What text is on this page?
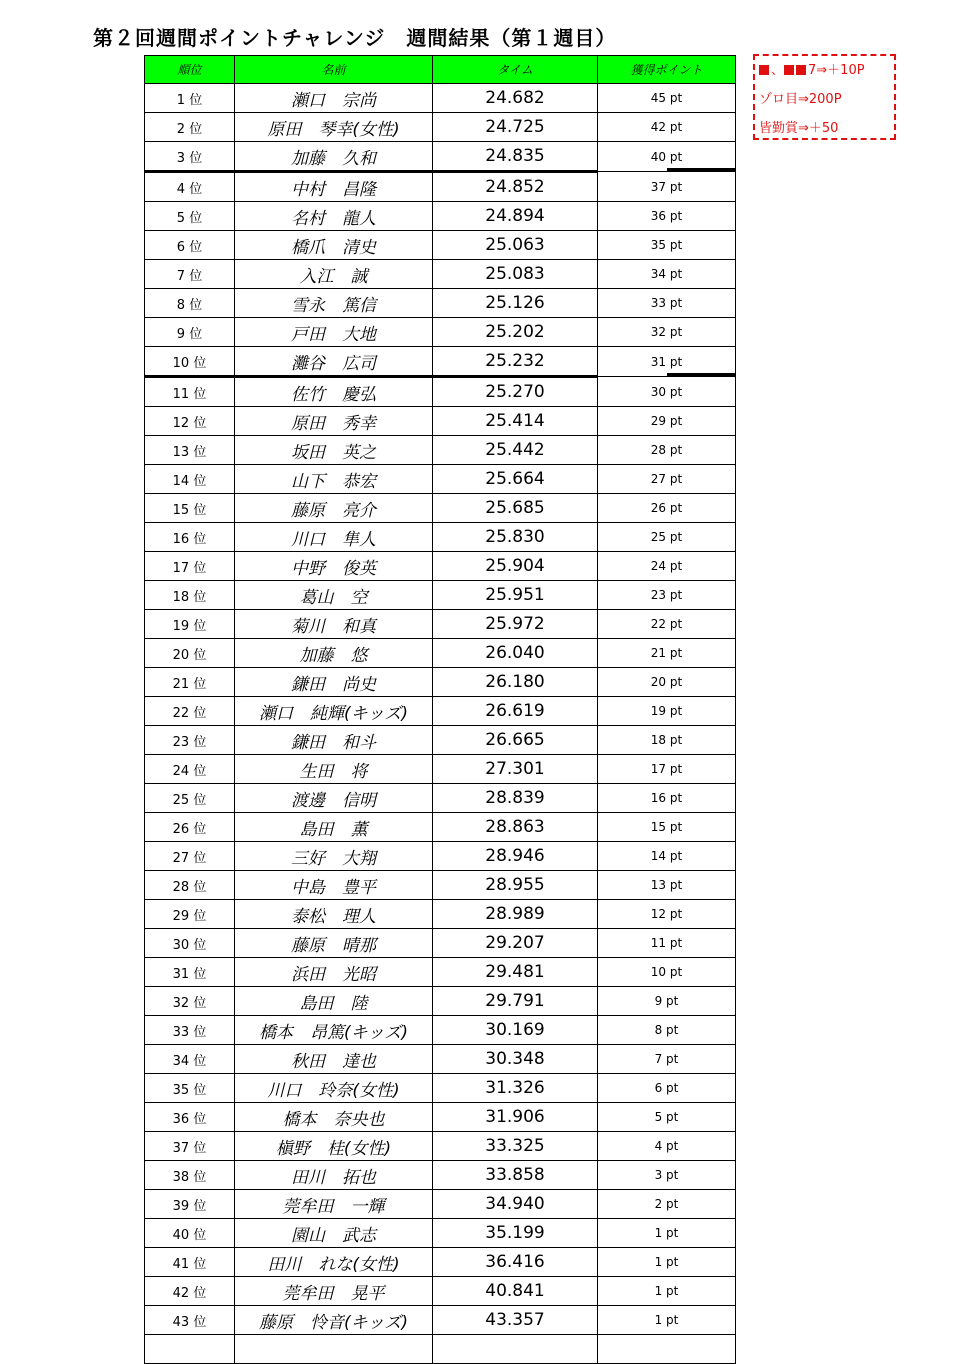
第２回週間ポイントチャレンジ　週間結果（第１週目）
、 7⇒＋10P
ゾロ目⇒200P
皆勤賞⇒＋50
順位	名前	タイム	獲得ポイント
1 位	瀬口　宗尚	24.682	45 pt
2 位	原田　琴幸(女性)	24.725	42 pt
3 位	加藤　久和	24.835	40 pt
4 位	中村　昌隆	24.852	37 pt
5 位	名村　龍人	24.894	36 pt
6 位	橋爪　清史	25.063	35 pt
7 位	入江　誠	25.083	34 pt
8 位	雪永　篤信	25.126	33 pt
9 位	戸田　大地	25.202	32 pt
10 位	灘谷　広司	25.232	31 pt
11 位	佐竹　慶弘	25.270	30 pt
12 位	原田　秀幸	25.414	29 pt
13 位	坂田　英之	25.442	28 pt
14 位	山下　恭宏	25.664	27 pt
15 位	藤原　亮介	25.685	26 pt
16 位	川口　隼人	25.830	25 pt
17 位	中野　俊英	25.904	24 pt
18 位	葛山　空	25.951	23 pt
19 位	菊川　和真	25.972	22 pt
20 位	加藤　悠	26.040	21 pt
21 位	鎌田　尚史	26.180	20 pt
22 位	瀬口　純輝(キッズ)	26.619	19 pt
23 位	鎌田　和斗	26.665	18 pt
24 位	生田　将	27.301	17 pt
25 位	渡邊　信明	28.839	16 pt
26 位	島田　薫	28.863	15 pt
27 位	三好　大翔	28.946	14 pt
28 位	中島　豊平	28.955	13 pt
29 位	泰松　理人	28.989	12 pt
30 位	藤原　晴那	29.207	11 pt
31 位	浜田　光昭	29.481	10 pt
32 位	島田　陸	29.791	9 pt
33 位	橋本　昂篤(キッズ)	30.169	8 pt
34 位	秋田　達也	30.348	7 pt
35 位	川口　玲奈(女性)	31.326	6 pt
36 位	橋本　奈央也	31.906	5 pt
37 位	槇野　桂(女性)	33.325	4 pt
38 位	田川　拓也	33.858	3 pt
39 位	莞牟田　一輝	34.940	2 pt
40 位	園山　武志	35.199	1 pt
41 位	田川　れな(女性)	36.416	1 pt
42 位	莞牟田　晃平	40.841	1 pt
43 位	藤原　怜音(キッズ)	43.357	1 pt
